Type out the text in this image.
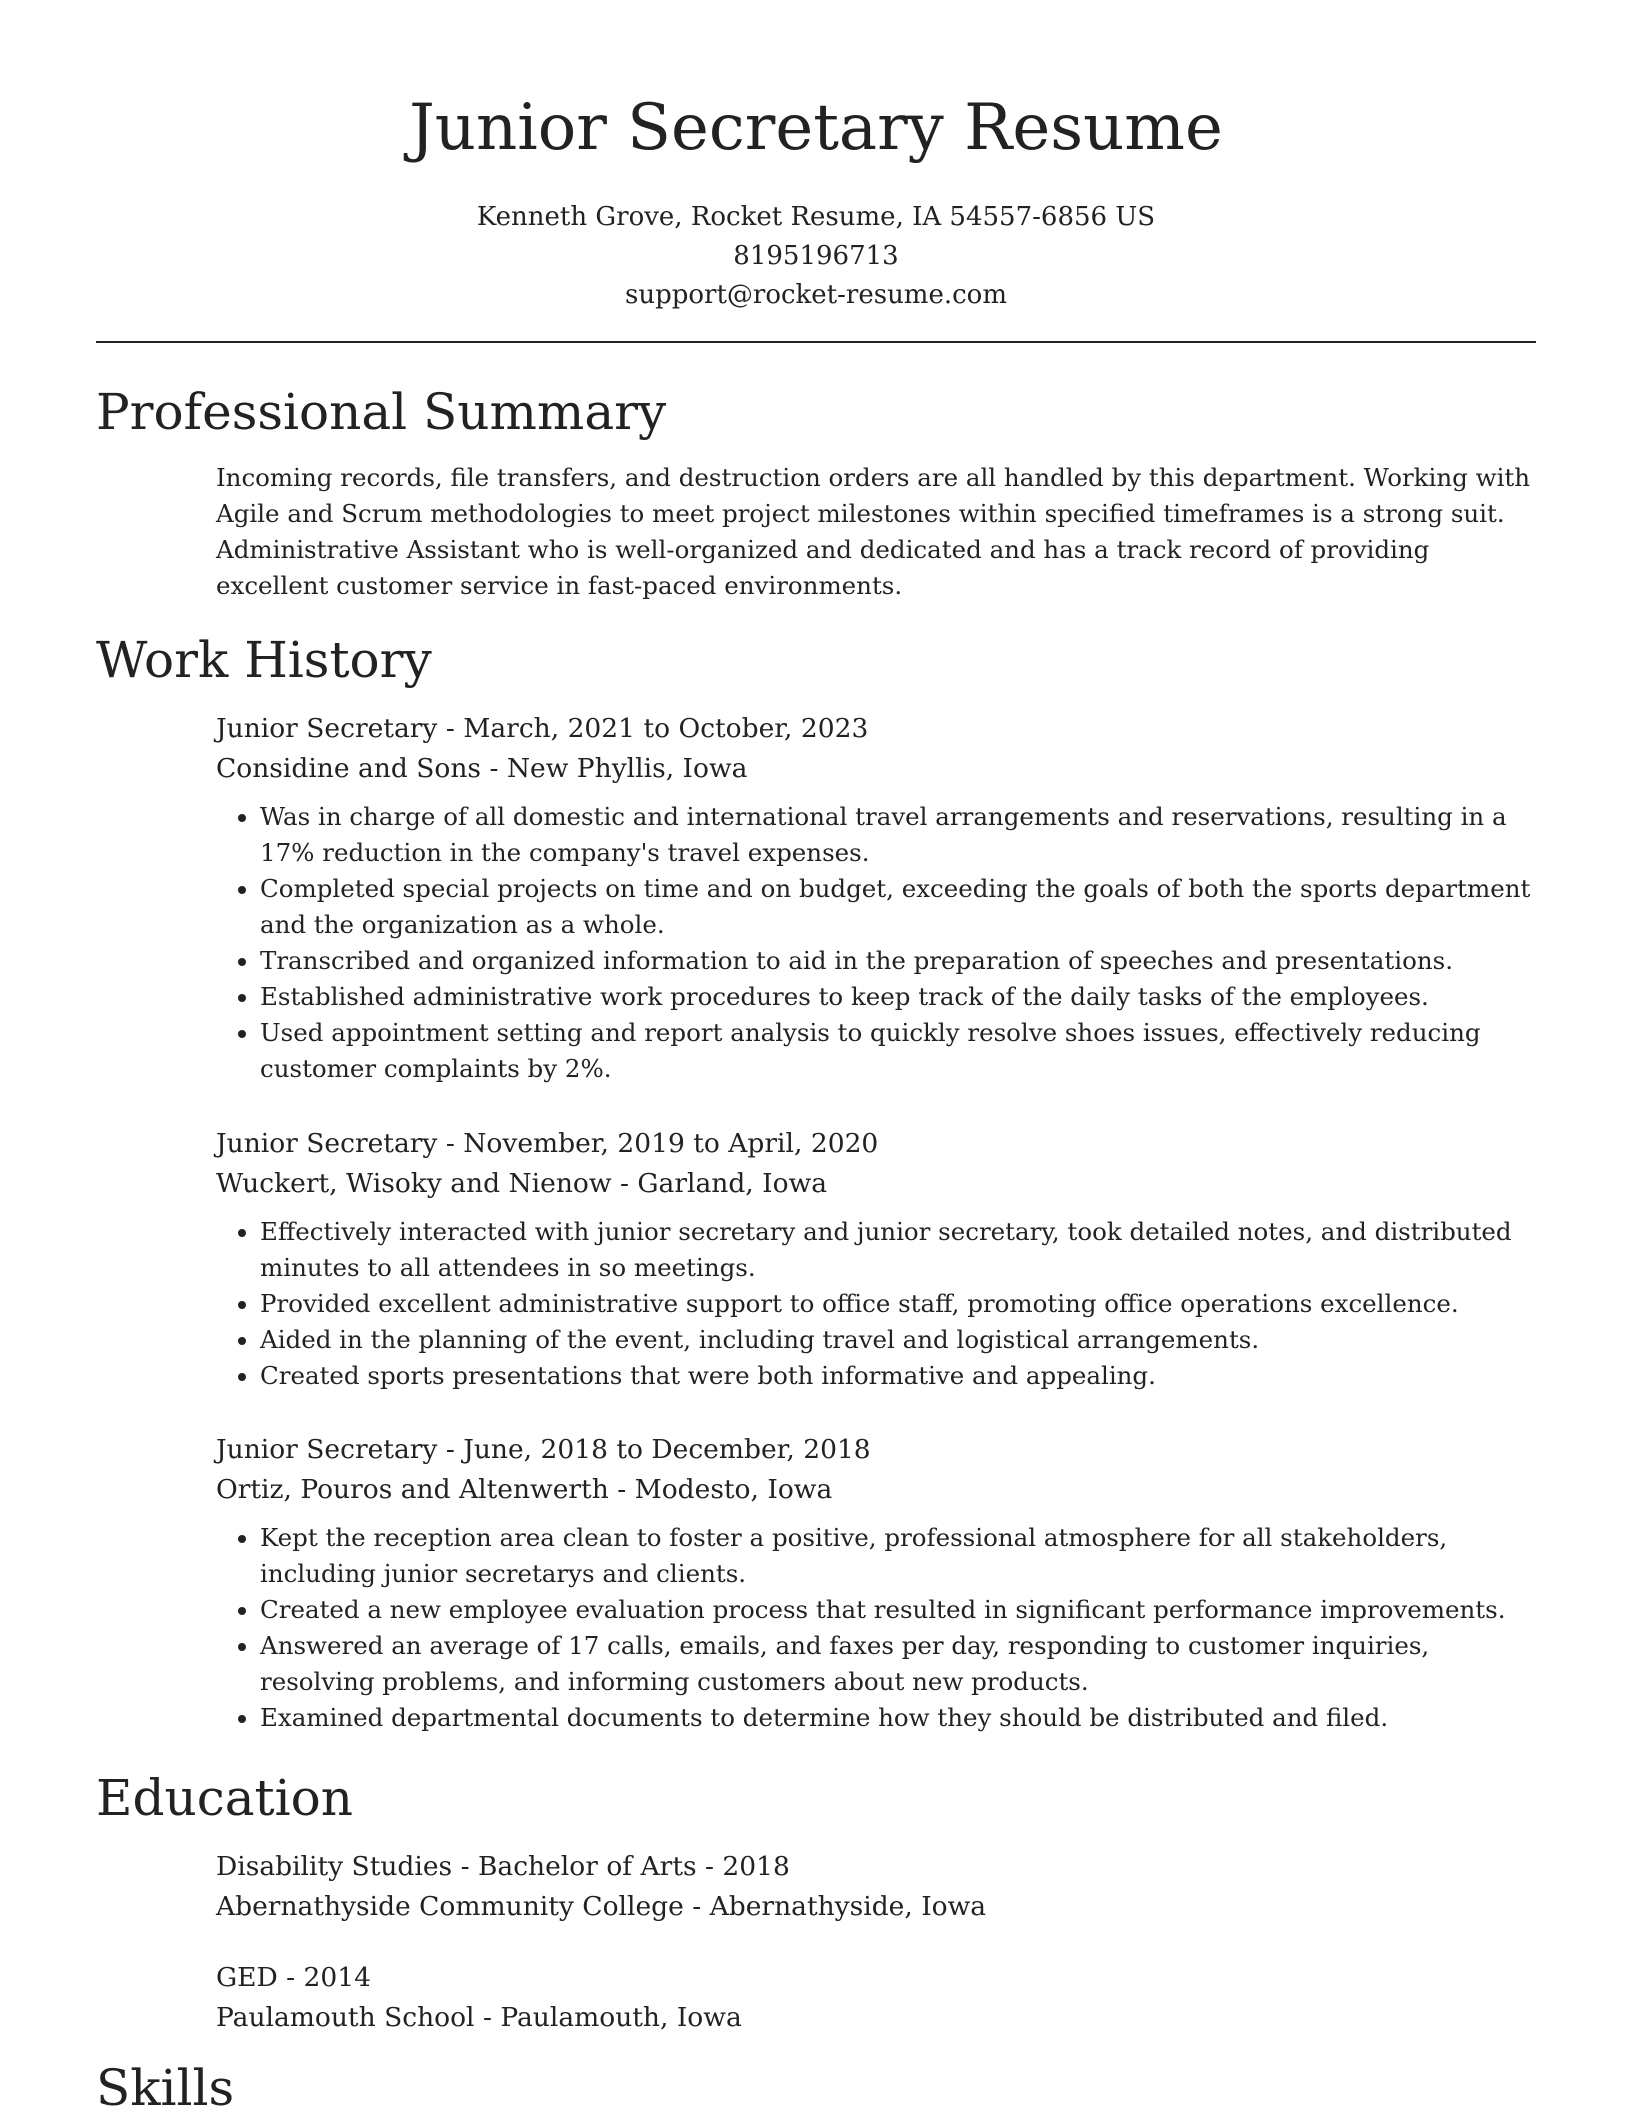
Junior Secretary Resume
Kenneth Grove, Rocket Resume, IA 54557-6856 US
8195196713
support@rocket-resume.com
Professional Summary

Incoming records, file transfers, and destruction orders are all handled by this department. Working with Agile and Scrum methodologies to meet project milestones within specified timeframes is a strong suit. Administrative Assistant who is well-organized and dedicated and has a track record of providing excellent customer service in fast-paced environments.

Work History

Junior Secretary - March, 2021 to October, 2023

Considine and Sons - New Phyllis, Iowa

• Was in charge of all domestic and international travel arrangements and reservations, resulting in a 17% reduction in the company's travel expenses.
• Completed special projects on time and on budget, exceeding the goals of both the sports department and the organization as a whole.
• Transcribed and organized information to aid in the preparation of speeches and presentations.
• Established administrative work procedures to keep track of the daily tasks of the employees.
• Used appointment setting and report analysis to quickly resolve shoes issues, effectively reducing customer complaints by 2%.

Junior Secretary - November, 2019 to April, 2020

Wuckert, Wisoky and Nienow - Garland, Iowa

• Effectively interacted with junior secretary and junior secretary, took detailed notes, and distributed minutes to all attendees in so meetings.
• Provided excellent administrative support to office staff, promoting office operations excellence.
• Aided in the planning of the event, including travel and logistical arrangements.
• Created sports presentations that were both informative and appealing.

Junior Secretary - June, 2018 to December, 2018

Ortiz, Pouros and Altenwerth - Modesto, Iowa

• Kept the reception area clean to foster a positive, professional atmosphere for all stakeholders, including junior secretarys and clients.
• Created a new employee evaluation process that resulted in significant performance improvements.
• Answered an average of 17 calls, emails, and faxes per day, responding to customer inquiries, resolving problems, and informing customers about new products.
• Examined departmental documents to determine how they should be distributed and filed.
Education

Disability Studies - Bachelor of Arts - 2018

Abernathyside Community College - Abernathyside, Iowa

GED - 2014

Paulamouth School - Paulamouth, Iowa

Skills
